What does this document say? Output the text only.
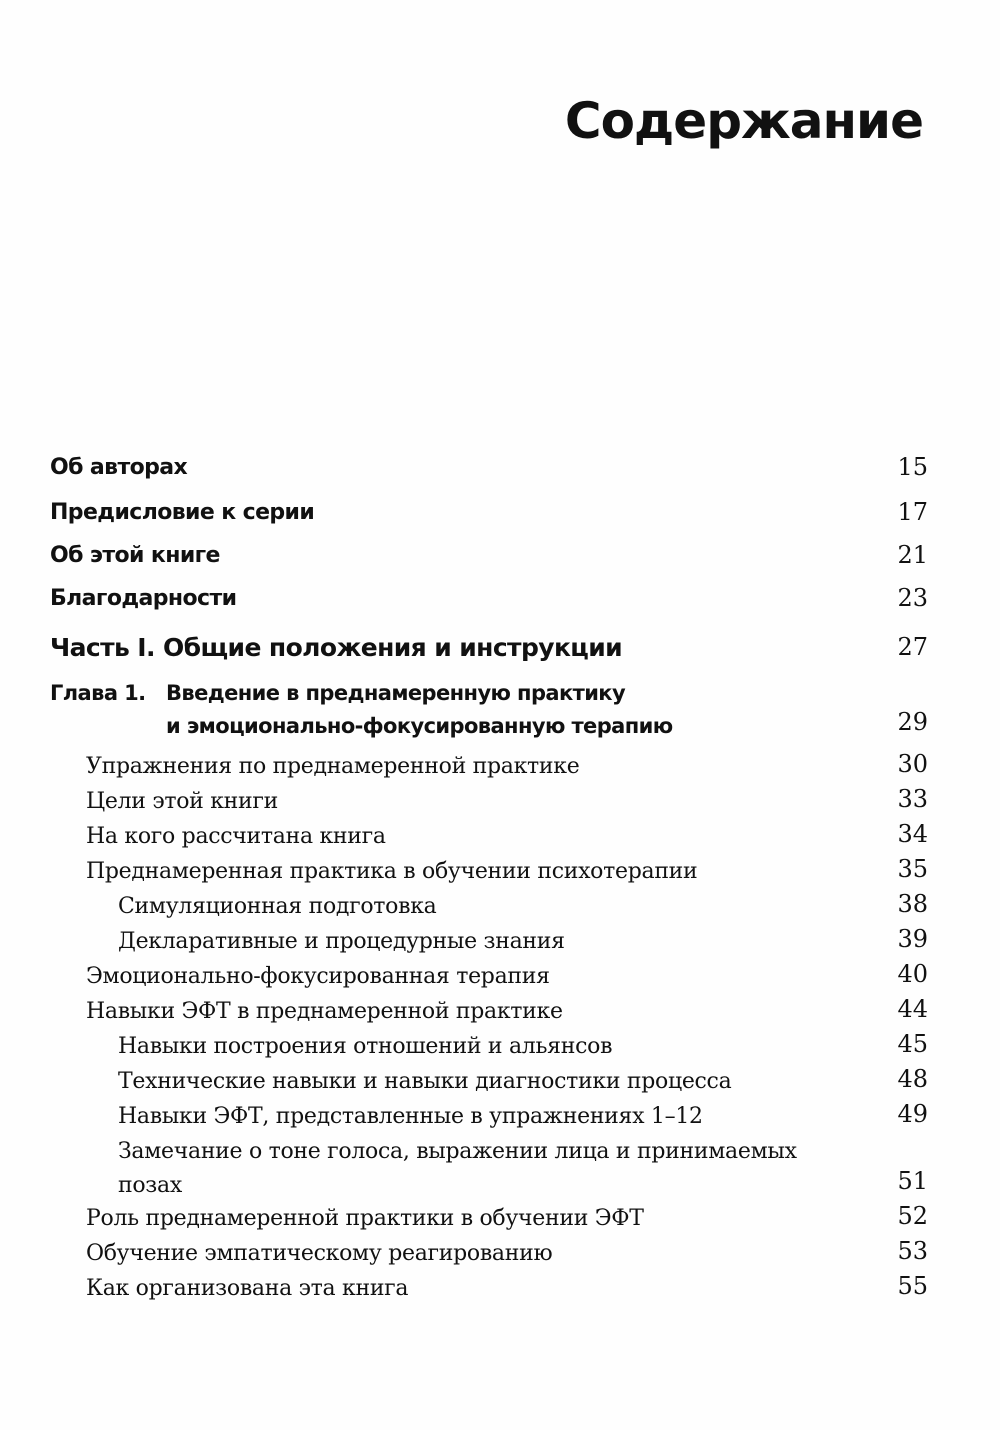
Содержание
Об авторах	15
Предисловие к серии	17
Об этой книге	21
Благодарности	23
Часть I. Общие положения и инструкции	27
Глава 1. Введение в преднамеренную практику
и эмоционально-фокусированную терапию	29
Упражнения по преднамеренной практике	30
Цели этой книги	33
На кого рассчитана книга	34
Преднамеренная практика в обучении психотерапии	35
Симуляционная подготовка	38
Декларативные и процедурные знания	39
Эмоционально-фокусированная терапия	40
Навыки ЭФТ в преднамеренной практике	44
Навыки построения отношений и альянсов	45
Технические навыки и навыки диагностики процесса	48
Навыки ЭФТ, представленные в упражнениях 1–12	49
Замечание о тоне голоса, выражении лица и принимаемых
позах	51
Роль преднамеренной практики в обучении ЭФТ	52
Обучение эмпатическому реагированию	53
Как организована эта книга	55
